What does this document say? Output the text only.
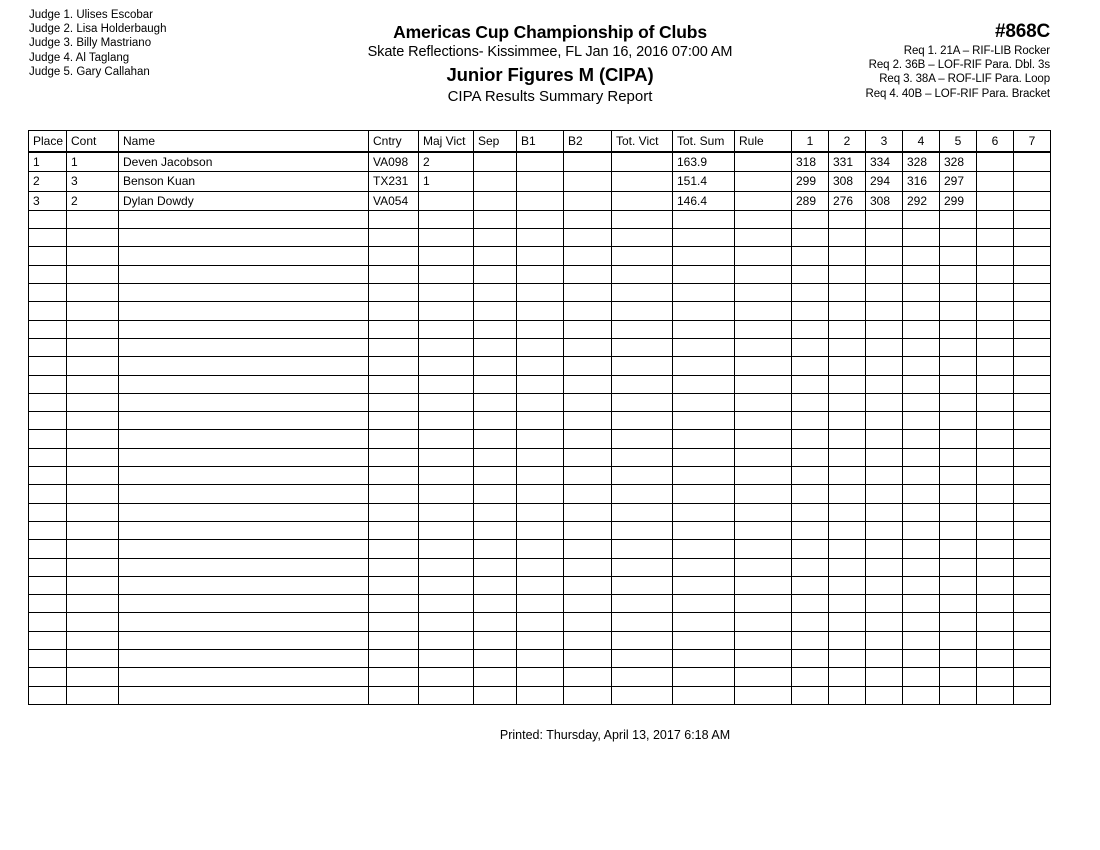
Judge 1. Ulises Escobar
Judge 2. Lisa Holderbaugh
Judge 3. Billy Mastriano
Judge 4. Al Taglang
Judge 5. Gary Callahan
Americas Cup Championship of Clubs
Skate Reflections- Kissimmee, FL Jan 16, 2016 07:00 AM
Junior Figures M (CIPA)
CIPA Results Summary Report
#868C
Req 1. 21A – RIF-LIB Rocker
Req 2. 36B – LOF-RIF Para. Dbl. 3s
Req 3. 38A – ROF-LIF Para. Loop
Req 4. 40B – LOF-RIF Para. Bracket
Place	Cont	Name	Cntry	Maj Vict	Sep	B1	B2	Tot. Vict	Tot. Sum	Rule	1	2	3	4	5	6	7
1	1	Deven Jacobson	VA098	2					163.9		318	331	334	328	328		
2	3	Benson Kuan	TX231	1					151.4		299	308	294	316	297		
3	2	Dylan Dowdy	VA054						146.4		289	276	308	292	299		

Printed: Thursday, April 13, 2017 6:18 AM
